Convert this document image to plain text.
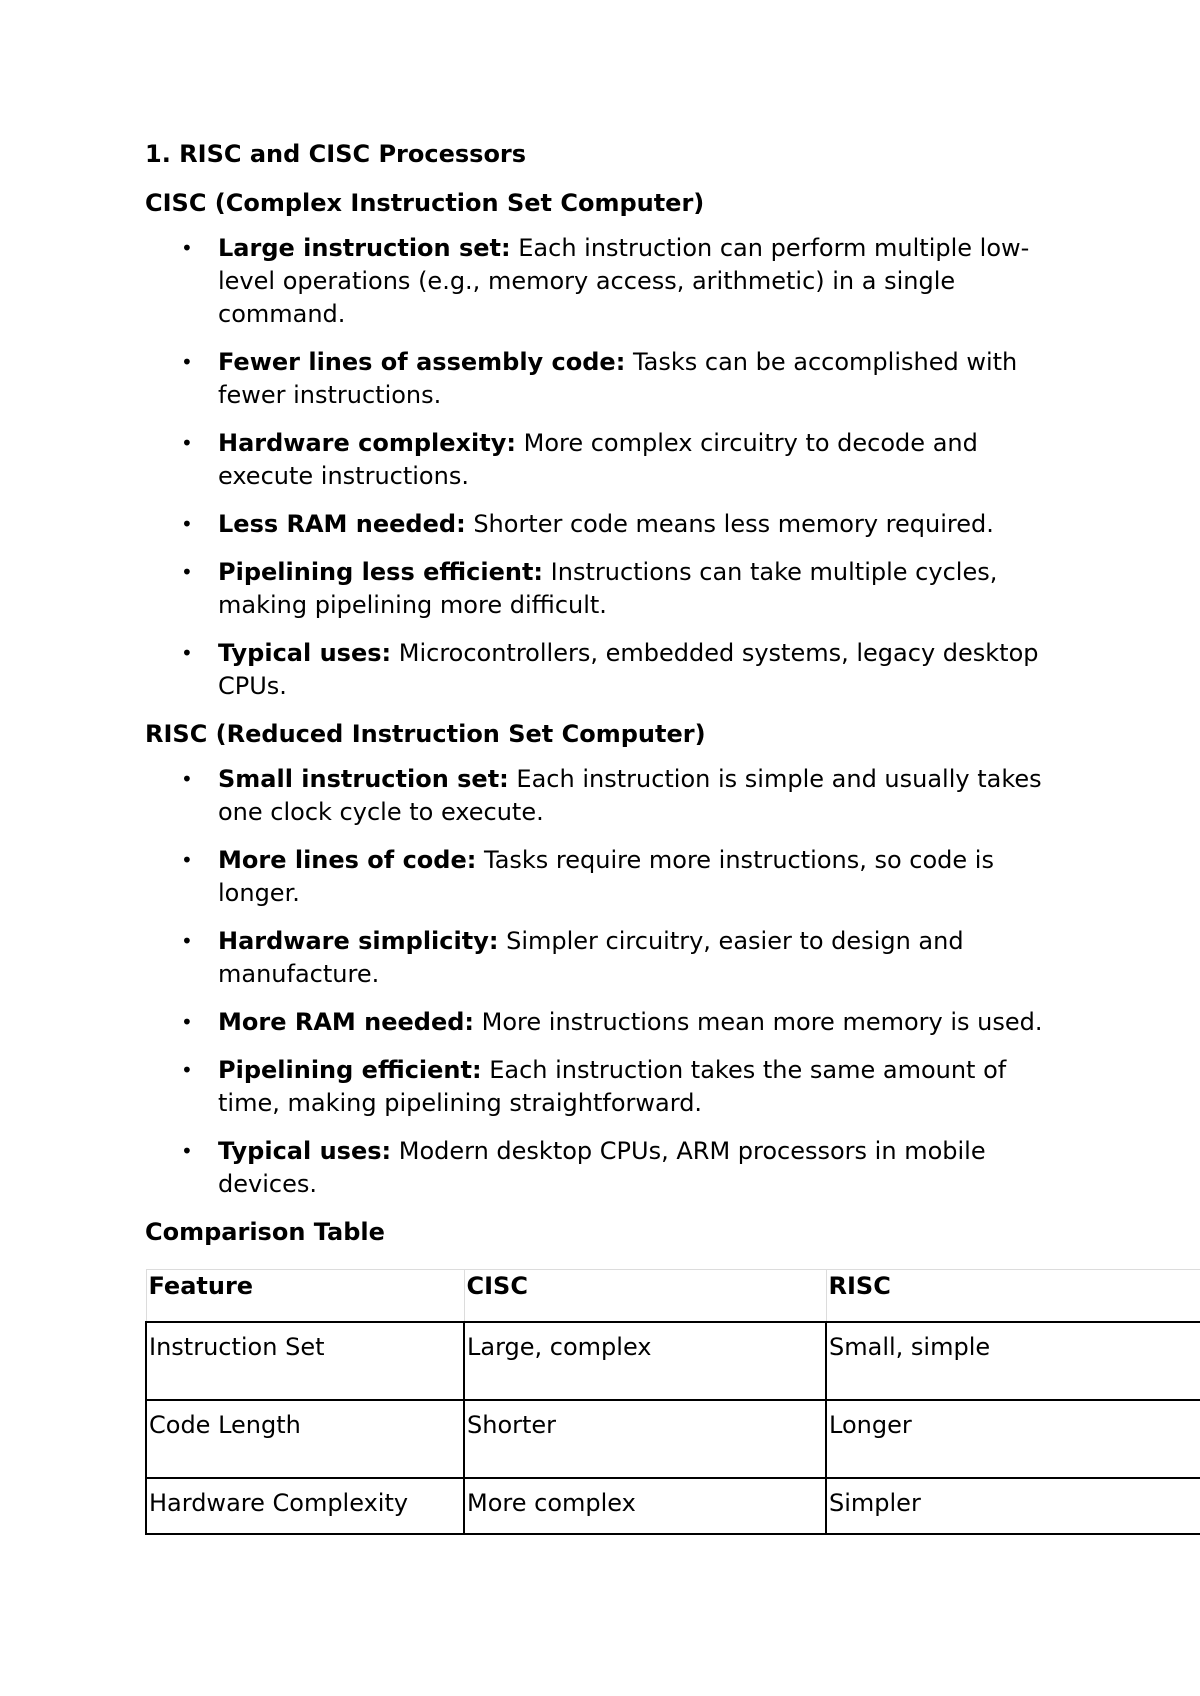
1. RISC and CISC Processors
CISC (Complex Instruction Set Computer)
• Large instruction set: Each instruction can perform multiple low-level operations (e.g., memory access, arithmetic) in a single command.
• Fewer lines of assembly code: Tasks can be accomplished with fewer instructions.
• Hardware complexity: More complex circuitry to decode and execute instructions.
• Less RAM needed: Shorter code means less memory required.
• Pipelining less efficient: Instructions can take multiple cycles, making pipelining more difficult.
• Typical uses: Microcontrollers, embedded systems, legacy desktop CPUs.
RISC (Reduced Instruction Set Computer)
• Small instruction set: Each instruction is simple and usually takes one clock cycle to execute.
• More lines of code: Tasks require more instructions, so code is longer.
• Hardware simplicity: Simpler circuitry, easier to design and manufacture.
• More RAM needed: More instructions mean more memory is used.
• Pipelining efficient: Each instruction takes the same amount of time, making pipelining straightforward.
• Typical uses: Modern desktop CPUs, ARM processors in mobile devices.
Comparison Table
Feature	CISC	RISC
Instruction Set	Large, complex	Small, simple
Code Length	Shorter	Longer
Hardware Complexity	More complex	Simpler
